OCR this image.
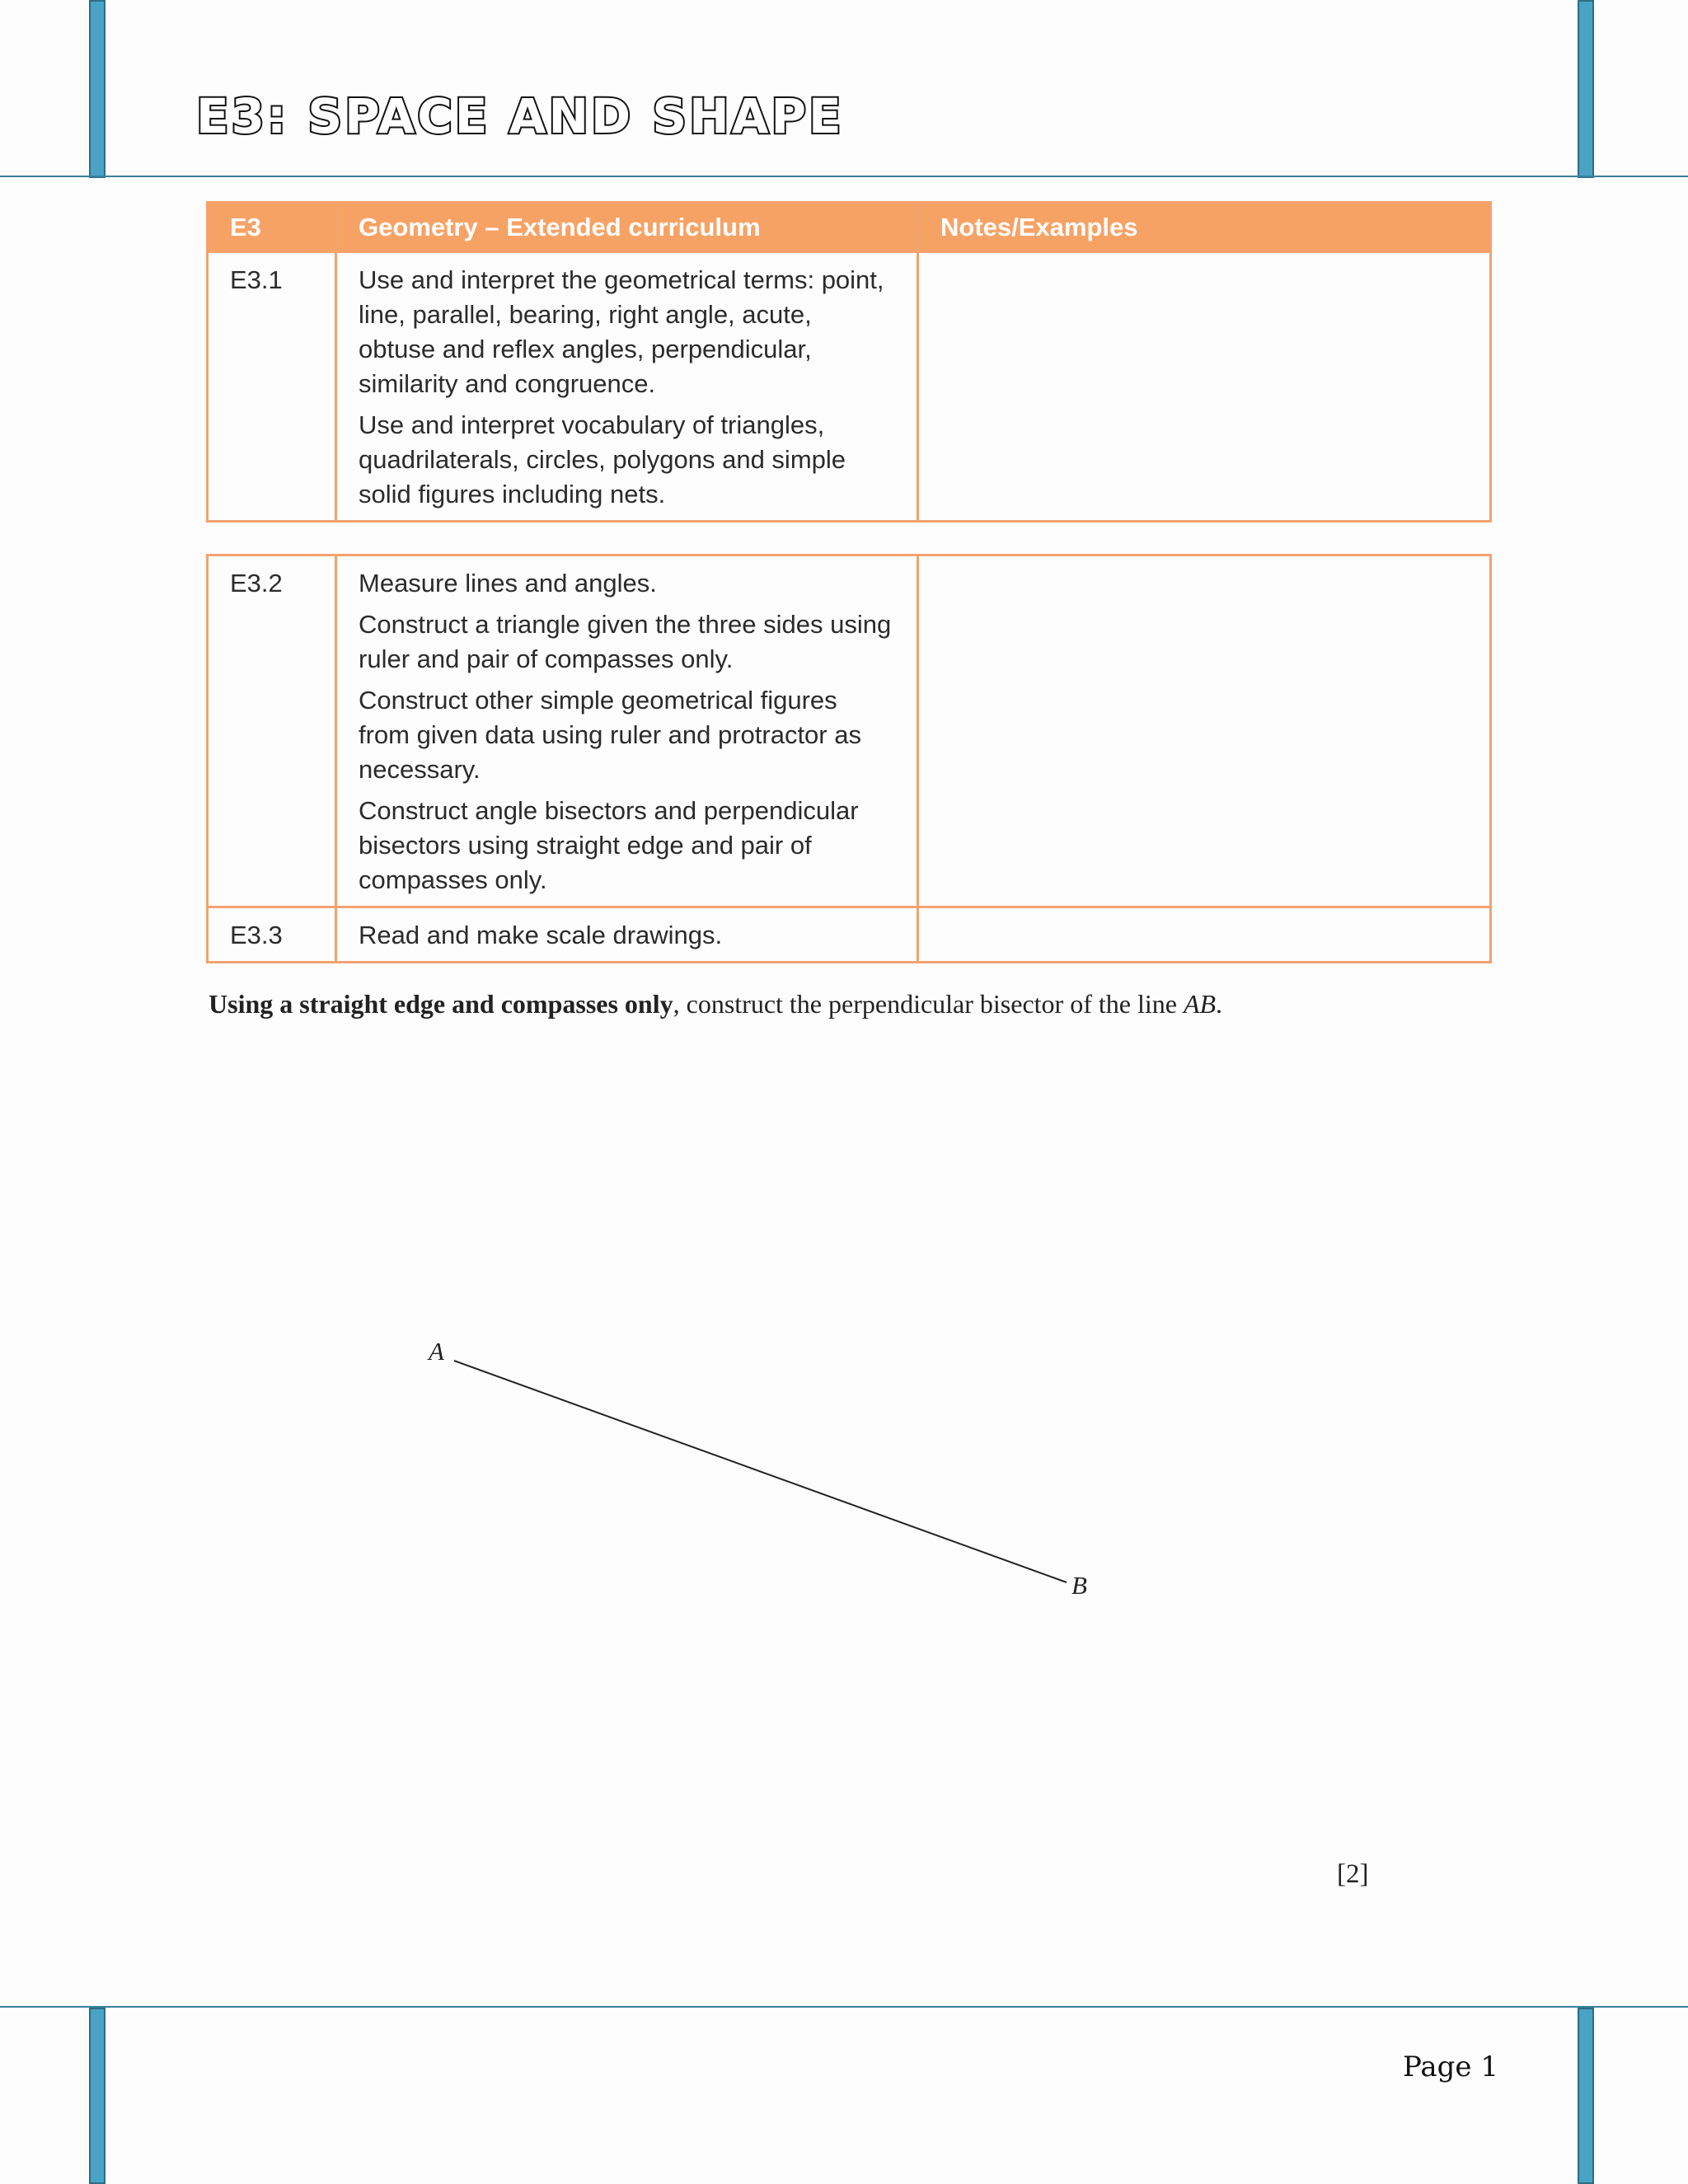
E3: SPACE AND SHAPE
E3	Geometry – Extended curriculum	Notes/Examples
E3.1	Use and interpret the geometrical terms: point, line, parallel, bearing, right angle, acute, obtuse and reflex angles, perpendicular, similarity and congruence.

Use and interpret vocabulary of triangles, quadrilaterals, circles, polygons and simple solid figures including nets.	

E3.2	Measure lines and angles.

Construct a triangle given the three sides using ruler and pair of compasses only.

Construct other simple geometrical figures from given data using ruler and protractor as necessary.

Construct angle bisectors and perpendicular bisectors using straight edge and pair of compasses only.	

E3.3	Read and make scale drawings.	

Using a straight edge and compasses only, construct the perpendicular bisector of the line AB.
A
B
[2]
Page 1
